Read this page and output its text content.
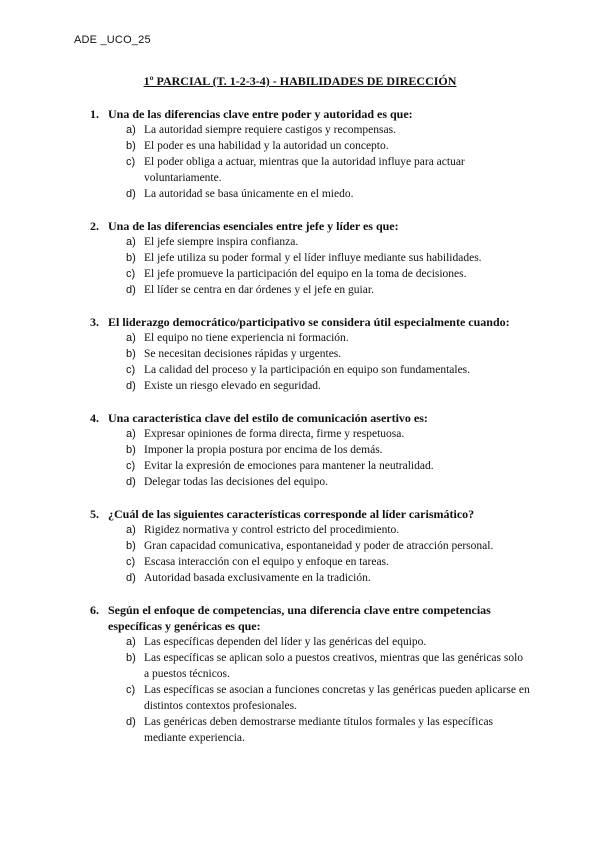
ADE _UCO_25
1º PARCIAL (T. 1-2-3-4) - HABILIDADES DE DIRECCIÓN
1. Una de las diferencias clave entre poder y autoridad es que:
a) La autoridad siempre requiere castigos y recompensas.
b) El poder es una habilidad y la autoridad un concepto.
c) El poder obliga a actuar, mientras que la autoridad influye para actuar voluntariamente.
d) La autoridad se basa únicamente en el miedo.
2. Una de las diferencias esenciales entre jefe y líder es que:
a) El jefe siempre inspira confianza.
b) El jefe utiliza su poder formal y el líder influye mediante sus habilidades.
c) El jefe promueve la participación del equipo en la toma de decisiones.
d) El líder se centra en dar órdenes y el jefe en guiar.
3. El liderazgo democrático/participativo se considera útil especialmente cuando:
a) El equipo no tiene experiencia ni formación.
b) Se necesitan decisiones rápidas y urgentes.
c) La calidad del proceso y la participación en equipo son fundamentales.
d) Existe un riesgo elevado en seguridad.
4. Una característica clave del estilo de comunicación asertivo es:
a) Expresar opiniones de forma directa, firme y respetuosa.
b) Imponer la propia postura por encima de los demás.
c) Evitar la expresión de emociones para mantener la neutralidad.
d) Delegar todas las decisiones del equipo.
5. ¿Cuál de las siguientes características corresponde al líder carismático?
a) Rigidez normativa y control estricto del procedimiento.
b) Gran capacidad comunicativa, espontaneidad y poder de atracción personal.
c) Escasa interacción con el equipo y enfoque en tareas.
d) Autoridad basada exclusivamente en la tradición.
6. Según el enfoque de competencias, una diferencia clave entre competencias específicas y genéricas es que:
a) Las específicas dependen del líder y las genéricas del equipo.
b) Las específicas se aplican solo a puestos creativos, mientras que las genéricas solo a puestos técnicos.
c) Las específicas se asocian a funciones concretas y las genéricas pueden aplicarse en distintos contextos profesionales.
d) Las genéricas deben demostrarse mediante títulos formales y las específicas mediante experiencia.
